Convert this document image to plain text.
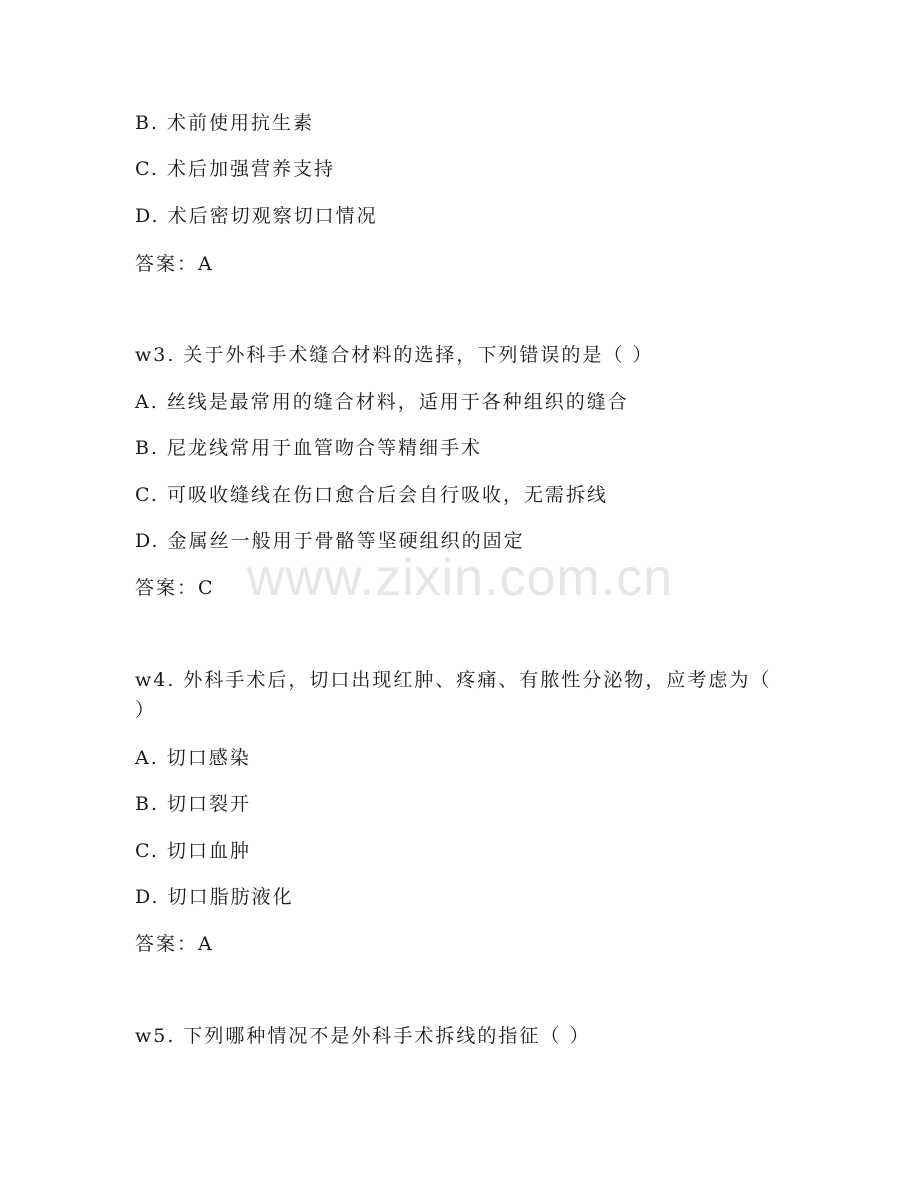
B. 术前使用抗生素

C. 术后加强营养支持

D. 术后密切观察切口情况

答案：A

w3. 关于外科手术缝合材料的选择，下列错误的是（ ）

A. 丝线是最常用的缝合材料，适用于各种组织的缝合

B. 尼龙线常用于血管吻合等精细手术

C. 可吸收缝线在伤口愈合后会自行吸收，无需拆线

D. 金属丝一般用于骨骼等坚硬组织的固定

答案：C

w4. 外科手术后，切口出现红肿、疼痛、有脓性分泌物，应考虑为（

）

A. 切口感染

B. 切口裂开

C. 切口血肿

D. 切口脂肪液化

答案：A

w5. 下列哪种情况不是外科手术拆线的指征（ ）

www.zixin.com.cn
